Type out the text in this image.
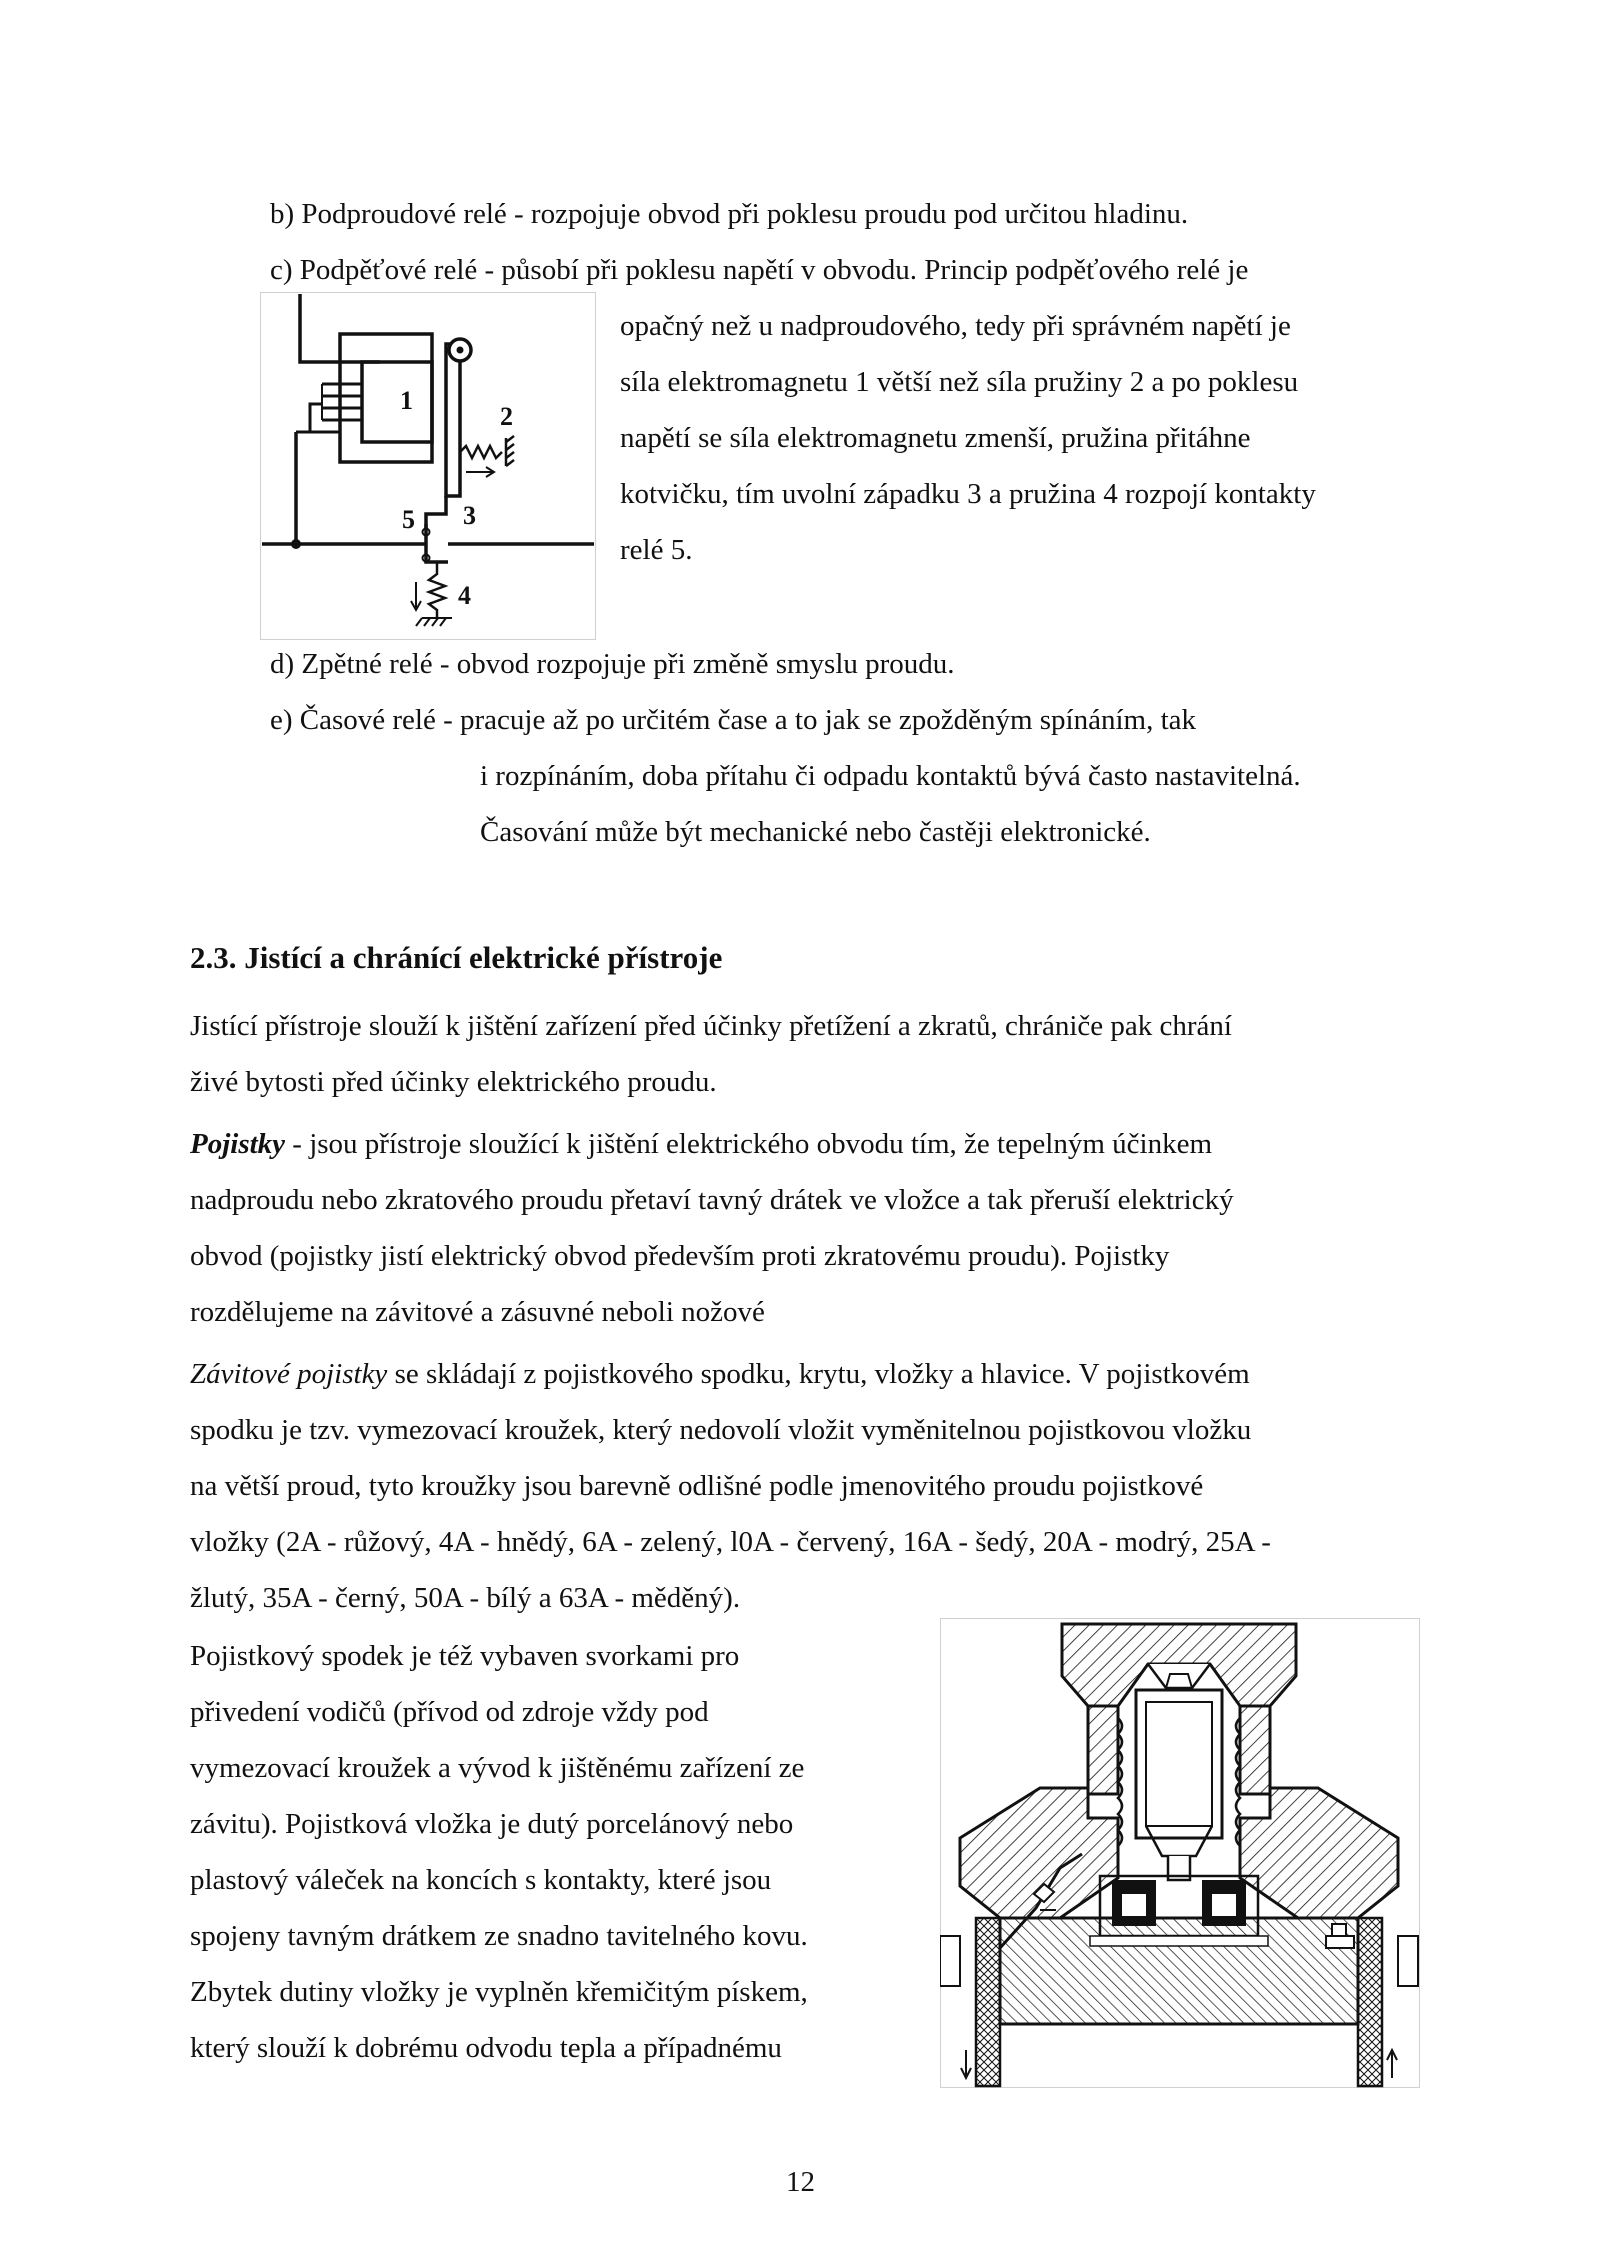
b) Podproudové relé - rozpojuje obvod při poklesu proudu pod určitou hladinu.
c) Podpěťové relé - působí při poklesu napětí v obvodu. Princip podpěťového relé je
opačný než u nadproudového, tedy při správném napětí je
síla elektromagnetu 1 větší než síla pružiny 2 a po poklesu
napětí se síla elektromagnetu zmenší, pružina přitáhne
kotvičku, tím uvolní západku 3 a pružina 4 rozpojí kontakty
relé 5.
1
2
3
4
5
d) Zpětné relé - obvod rozpojuje při změně smyslu proudu.
e) Časové relé - pracuje až po určitém čase a to jak se zpožděným spínáním, tak
i rozpínáním, doba přítahu či odpadu kontaktů bývá často nastavitelná.
Časování může být mechanické nebo častěji elektronické.
2.3. Jistící a chránící elektrické přístroje
Jistící přístroje slouží k jištění zařízení před účinky přetížení a zkratů, chrániče pak chrání
živé bytosti před účinky elektrického proudu.
Pojistky - jsou přístroje sloužící k jištění elektrického obvodu tím, že tepelným účinkem
nadproudu nebo zkratového proudu přetaví tavný drátek ve vložce a tak přeruší elektrický
obvod (pojistky jistí elektrický obvod především proti zkratovému proudu). Pojistky
rozdělujeme na závitové a zásuvné neboli nožové
Závitové pojistky se skládají z pojistkového spodku, krytu, vložky a hlavice. V pojistkovém
spodku je tzv. vymezovací kroužek, který nedovolí vložit vyměnitelnou pojistkovou vložku
na větší proud, tyto kroužky jsou barevně odlišné podle jmenovitého proudu pojistkové
vložky (2A - růžový, 4A - hnědý, 6A - zelený, l0A - červený, 16A - šedý, 20A - modrý, 25A -
žlutý, 35A - černý, 50A - bílý a 63A - měděný).
Pojistkový spodek je též vybaven svorkami pro
přivedení vodičů (přívod od zdroje vždy pod
vymezovací kroužek a vývod k jištěnému zařízení ze
závitu). Pojistková vložka je dutý porcelánový nebo
plastový váleček na koncích s kontakty, které jsou
spojeny tavným drátkem ze snadno tavitelného kovu.
Zbytek dutiny vložky je vyplněn křemičitým pískem,
který slouží k dobrému odvodu tepla a případnému
12
